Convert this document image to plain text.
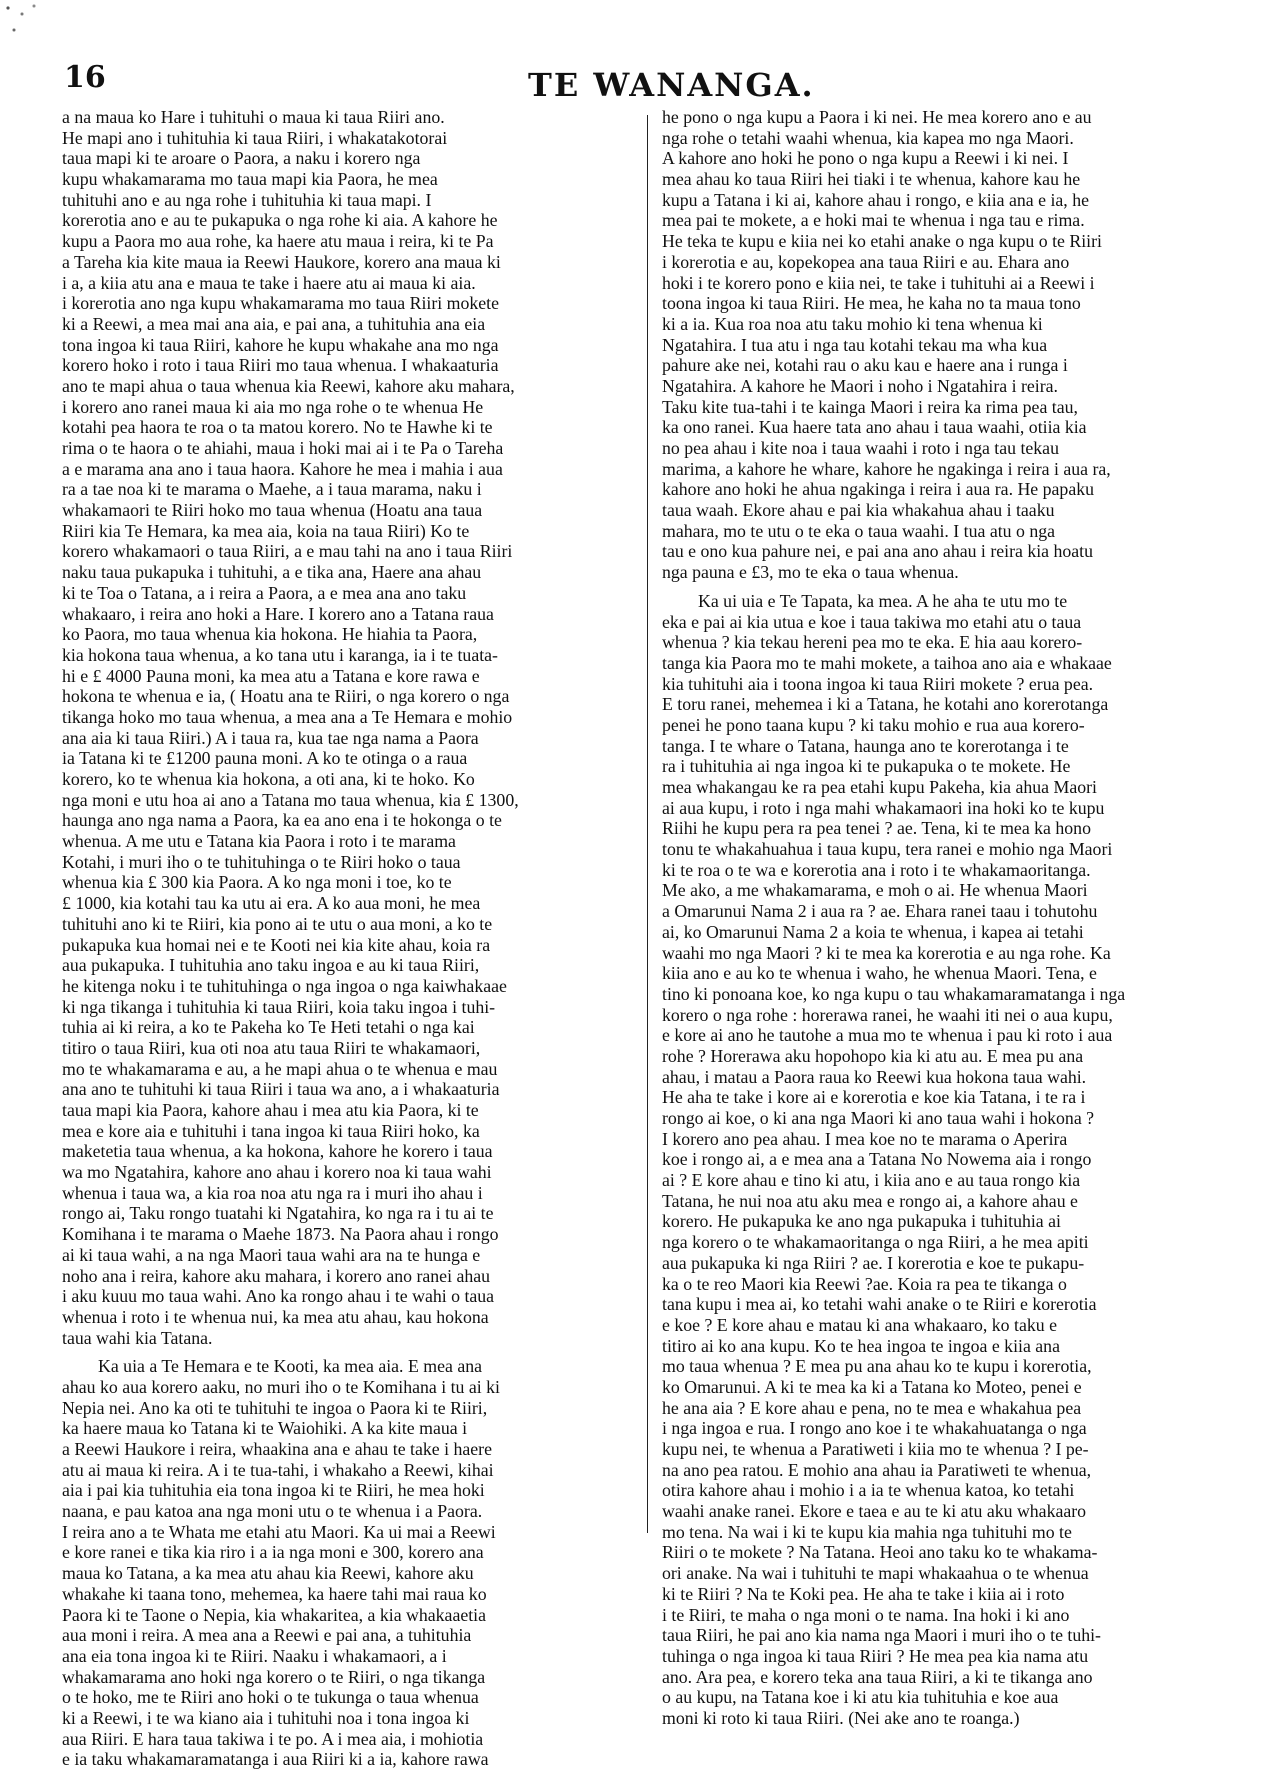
16	TE WANANGA.
a na maua ko Hare i tuhituhi o maua ki taua Riiri ano.
He mapi ano i tuhituhia ki taua Riiri, i whakatakotorai
taua mapi ki te aroare o Paora, a naku i korero nga
kupu whakamarama mo taua mapi kia Paora, he mea
tuhituhi ano e au nga rohe i tuhituhia ki taua mapi. I
korerotia ano e au te pukapuka o nga rohe ki aia. A kahore he
kupu a Paora mo aua rohe, ka haere atu maua i reira, ki te Pa
a Tareha kia kite maua ia Reewi Haukore, korero ana maua ki
i a, a kiia atu ana e maua te take i haere atu ai maua ki aia.
i korerotia ano nga kupu whakamarama mo taua Riiri mokete
ki a Reewi, a mea mai ana aia, e pai ana, a tuhituhia ana eia
tona ingoa ki taua Riiri, kahore he kupu whakahe ana mo nga
korero hoko i roto i taua Riiri mo taua whenua. I whakaaturia
ano te mapi ahua o taua whenua kia Reewi, kahore aku mahara,
i korero ano ranei maua ki aia mo nga rohe o te whenua He
kotahi pea haora te roa o ta matou korero. No te Hawhe ki te
rima o te haora o te ahiahi, maua i hoki mai ai i te Pa o Tareha
a e marama ana ano i taua haora. Kahore he mea i mahia i aua
ra a tae noa ki te marama o Maehe, a i taua marama, naku i
whakamaori te Riiri hoko mo taua whenua (Hoatu ana taua
Riiri kia Te Hemara, ka mea aia, koia na taua Riiri) Ko te
korero whakamaori o taua Riiri, a e mau tahi na ano i taua Riiri
naku taua pukapuka i tuhituhi, a e tika ana, Haere ana ahau
ki te Toa o Tatana, a i reira a Paora, a e mea ana ano taku
whakaaro, i reira ano hoki a Hare. I korero ano a Tatana raua
ko Paora, mo taua whenua kia hokona. He hiahia ta Paora,
kia hokona taua whenua, a ko tana utu i karanga, ia i te tuata-
hi e £ 4000 Pauna moni, ka mea atu a Tatana e kore rawa e
hokona te whenua e ia, ( Hoatu ana te Riiri, o nga korero o nga
tikanga hoko mo taua whenua, a mea ana a Te Hemara e mohio
ana aia ki taua Riiri.) A i taua ra, kua tae nga nama a Paora
ia Tatana ki te £1200 pauna moni. A ko te otinga o a raua
korero, ko te whenua kia hokona, a oti ana, ki te hoko. Ko
nga moni e utu hoa ai ano a Tatana mo taua whenua, kia £ 1300,
haunga ano nga nama a Paora, ka ea ano ena i te hokonga o te
whenua. A me utu e Tatana kia Paora i roto i te marama
Kotahi, i muri iho o te tuhituhinga o te Riiri hoko o taua
whenua kia £ 300 kia Paora. A ko nga moni i toe, ko te
£ 1000, kia kotahi tau ka utu ai era. A ko aua moni, he mea
tuhituhi ano ki te Riiri, kia pono ai te utu o aua moni, a ko te
pukapuka kua homai nei e te Kooti nei kia kite ahau, koia ra
aua pukapuka. I tuhituhia ano taku ingoa e au ki taua Riiri,
he kitenga noku i te tuhituhinga o nga ingoa o nga kaiwhakaae
ki nga tikanga i tuhituhia ki taua Riiri, koia taku ingoa i tuhi-
tuhia ai ki reira, a ko te Pakeha ko Te Heti tetahi o nga kai
titiro o taua Riiri, kua oti noa atu taua Riiri te whakamaori,
mo te whakamarama e au, a he mapi ahua o te whenua e mau
ana ano te tuhituhi ki taua Riiri i taua wa ano, a i whakaaturia
taua mapi kia Paora, kahore ahau i mea atu kia Paora, ki te
mea e kore aia e tuhituhi i tana ingoa ki taua Riiri hoko, ka
maketetia taua whenua, a ka hokona, kahore he korero i taua
wa mo Ngatahira, kahore ano ahau i korero noa ki taua wahi
whenua i taua wa, a kia roa noa atu nga ra i muri iho ahau i
rongo ai, Taku rongo tuatahi ki Ngatahira, ko nga ra i tu ai te
Komihana i te marama o Maehe 1873. Na Paora ahau i rongo
ai ki taua wahi, a na nga Maori taua wahi ara na te hunga e
noho ana i reira, kahore aku mahara, i korero ano ranei ahau
i aku kuuu mo taua wahi. Ano ka rongo ahau i te wahi o taua
whenua i roto i te whenua nui, ka mea atu ahau, kau hokona
taua wahi kia Tatana.
Ka uia a Te Hemara e te Kooti, ka mea aia. E mea ana
ahau ko aua korero aaku, no muri iho o te Komihana i tu ai ki
Nepia nei. Ano ka oti te tuhituhi te ingoa o Paora ki te Riiri,
ka haere maua ko Tatana ki te Waiohiki. A ka kite maua i
a Reewi Haukore i reira, whaakina ana e ahau te take i haere
atu ai maua ki reira. A i te tua-tahi, i whakaho a Reewi, kihai
aia i pai kia tuhituhia eia tona ingoa ki te Riiri, he mea hoki
naana, e pau katoa ana nga moni utu o te whenua i a Paora.
I reira ano a te Whata me etahi atu Maori. Ka ui mai a Reewi
e kore ranei e tika kia riro i a ia nga moni e 300, korero ana
maua ko Tatana, a ka mea atu ahau kia Reewi, kahore aku
whakahe ki taana tono, mehemea, ka haere tahi mai raua ko
Paora ki te Taone o Nepia, kia whakaritea, a kia whakaaetia
aua moni i reira. A mea ana a Reewi e pai ana, a tuhituhia
ana eia tona ingoa ki te Riiri. Naaku i whakamaori, a i
whakamarama ano hoki nga korero o te Riiri, o nga tikanga
o te hoko, me te Riiri ano hoki o te tukunga o taua whenua
ki a Reewi, i te wa kiano aia i tuhituhi noa i tona ingoa ki
aua Riiri. E hara taua takiwa i te po. A i mea aia, i mohiotia
e ia taku whakamaramatanga i aua Riiri ki a ia, kahore rawa
he pono o nga kupu a Paora i ki nei. He mea korero ano e au
nga rohe o tetahi waahi whenua, kia kapea mo nga Maori.
A kahore ano hoki he pono o nga kupu a Reewi i ki nei. I
mea ahau ko taua Riiri hei tiaki i te whenua, kahore kau he
kupu a Tatana i ki ai, kahore ahau i rongo, e kiia ana e ia, he
mea pai te mokete, a e hoki mai te whenua i nga tau e rima.
He teka te kupu e kiia nei ko etahi anake o nga kupu o te Riiri
i korerotia e au, kopekopea ana taua Riiri e au. Ehara ano
hoki i te korero pono e kiia nei, te take i tuhituhi ai a Reewi i
toona ingoa ki taua Riiri. He mea, he kaha no ta maua tono
ki a ia. Kua roa noa atu taku mohio ki tena whenua ki
Ngatahira. I tua atu i nga tau kotahi tekau ma wha kua
pahure ake nei, kotahi rau o aku kau e haere ana i runga i
Ngatahira. A kahore he Maori i noho i Ngatahira i reira.
Taku kite tua-tahi i te kainga Maori i reira ka rima pea tau,
ka ono ranei. Kua haere tata ano ahau i taua waahi, otiia kia
no pea ahau i kite noa i taua waahi i roto i nga tau tekau
marima, a kahore he whare, kahore he ngakinga i reira i aua ra,
kahore ano hoki he ahua ngakinga i reira i aua ra. He papaku
taua waah. Ekore ahau e pai kia whakahua ahau i taaku
mahara, mo te utu o te eka o taua waahi. I tua atu o nga
tau e ono kua pahure nei, e pai ana ano ahau i reira kia hoatu
nga pauna e £3, mo te eka o taua whenua.
Ka ui uia e Te Tapata, ka mea. A he aha te utu mo te
eka e pai ai kia utua e koe i taua takiwa mo etahi atu o taua
whenua ? kia tekau hereni pea mo te eka. E hia aau korero-
tanga kia Paora mo te mahi mokete, a taihoa ano aia e whakaae
kia tuhituhi aia i toona ingoa ki taua Riiri mokete ? erua pea.
E toru ranei, mehemea i ki a Tatana, he kotahi ano korerotanga
penei he pono taana kupu ? ki taku mohio e rua aua korero-
tanga. I te whare o Tatana, haunga ano te korerotanga i te
ra i tuhituhia ai nga ingoa ki te pukapuka o te mokete. He
mea whakangau ke ra pea etahi kupu Pakeha, kia ahua Maori
ai aua kupu, i roto i nga mahi whakamaori ina hoki ko te kupu
Riihi he kupu pera ra pea tenei ? ae. Tena, ki te mea ka hono
tonu te whakahuahua i taua kupu, tera ranei e mohio nga Maori
ki te roa o te wa e korerotia ana i roto i te whakamaoritanga.
Me ako, a me whakamarama, e moh o ai. He whenua Maori
a Omarunui Nama 2 i aua ra ? ae. Ehara ranei taau i tohutohu
ai, ko Omarunui Nama 2 a koia te whenua, i kapea ai tetahi
waahi mo nga Maori ? ki te mea ka korerotia e au nga rohe. Ka
kiia ano e au ko te whenua i waho, he whenua Maori. Tena, e
tino ki ponoana koe, ko nga kupu o tau whakamaramatanga i nga
korero o nga rohe : horerawa ranei, he waahi iti nei o aua kupu,
e kore ai ano he tautohe a mua mo te whenua i pau ki roto i aua
rohe ? Horerawa aku hopohopo kia ki atu au. E mea pu ana
ahau, i matau a Paora raua ko Reewi kua hokona taua wahi.
He aha te take i kore ai e korerotia e koe kia Tatana, i te ra i
rongo ai koe, o ki ana nga Maori ki ano taua wahi i hokona ?
I korero ano pea ahau. I mea koe no te marama o Aperira
koe i rongo ai, a e mea ana a Tatana No Nowema aia i rongo
ai ? E kore ahau e tino ki atu, i kiia ano e au taua rongo kia
Tatana, he nui noa atu aku mea e rongo ai, a kahore ahau e
korero. He pukapuka ke ano nga pukapuka i tuhituhia ai
nga korero o te whakamaoritanga o nga Riiri, a he mea apiti
aua pukapuka ki nga Riiri ? ae. I korerotia e koe te pukapu-
ka o te reo Maori kia Reewi ?ae. Koia ra pea te tikanga o
tana kupu i mea ai, ko tetahi wahi anake o te Riiri e korerotia
e koe ? E kore ahau e matau ki ana whakaaro, ko taku e
titiro ai ko ana kupu. Ko te hea ingoa te ingoa e kiia ana
mo taua whenua ? E mea pu ana ahau ko te kupu i korerotia,
ko Omarunui. A ki te mea ka ki a Tatana ko Moteo, penei e
he ana aia ? E kore ahau e pena, no te mea e whakahua pea
i nga ingoa e rua. I rongo ano koe i te whakahuatanga o nga
kupu nei, te whenua a Paratiweti i kiia mo te whenua ? I pe-
na ano pea ratou. E mohio ana ahau ia Paratiweti te whenua,
otira kahore ahau i mohio i a ia te whenua katoa, ko tetahi
waahi anake ranei. Ekore e taea e au te ki atu aku whakaaro
mo tena. Na wai i ki te kupu kia mahia nga tuhituhi mo te
Riiri o te mokete ? Na Tatana. Heoi ano taku ko te whakama-
ori anake. Na wai i tuhituhi te mapi whakaahua o te whenua
ki te Riiri ? Na te Koki pea. He aha te take i kiia ai i roto
i te Riiri, te maha o nga moni o te nama. Ina hoki i ki ano
taua Riiri, he pai ano kia nama nga Maori i muri iho o te tuhi-
tuhinga o nga ingoa ki taua Riiri ? He mea pea kia nama atu
ano. Ara pea, e korero teka ana taua Riiri, a ki te tikanga ano
o au kupu, na Tatana koe i ki atu kia tuhituhia e koe aua
moni ki roto ki taua Riiri. (Nei ake ano te roanga.)
